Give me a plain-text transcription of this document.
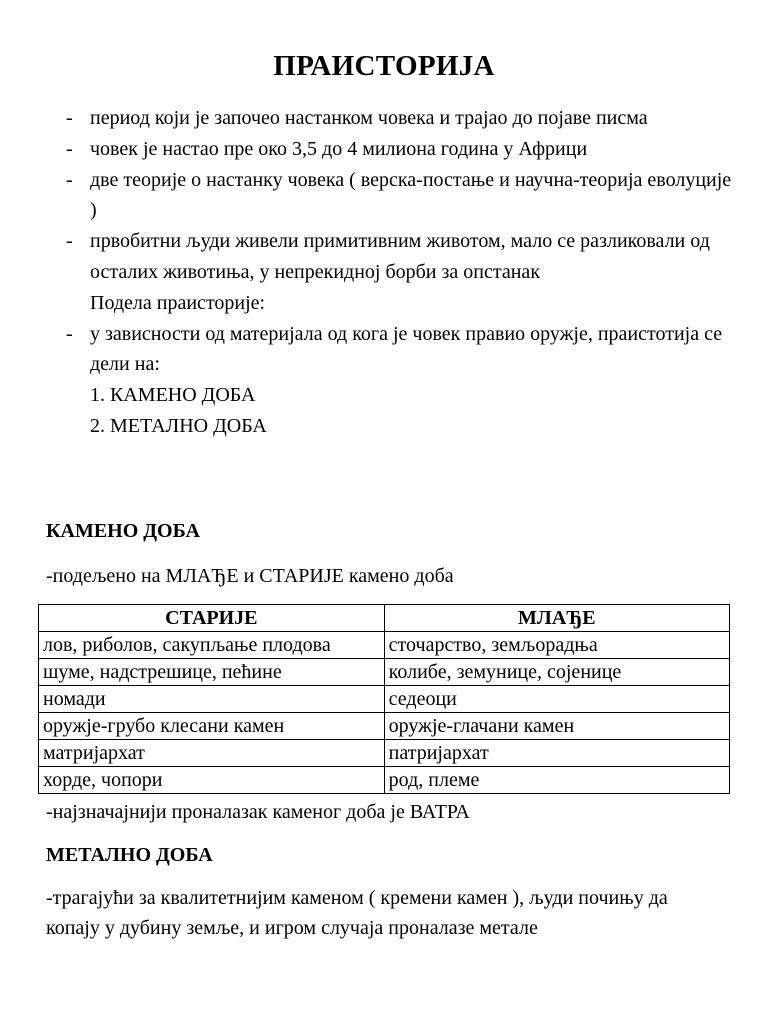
ПРАИСТОРИЈА
- период који је започео настанком човека и трајао до појаве писма
- човек је настао пре око 3,5 до 4 милиона година у Африци
- две теорије о настанку човека ( верска-постање и научна-теорија еволуције )
- првобитни људи живели примитивним животом, мало се разликовали од осталих животиња, у непрекидној борби за опстанак
Подела праисторије:
- у зависности од материјала од кога је човек правио оружје, праистотија се дели на:
1. КАМЕНО ДОБА
2. МЕТАЛНО ДОБА
КАМЕНО ДОБА

-подељено на МЛАЂЕ и СТАРИЈЕ камено доба

СТАРИЈЕ	МЛАЂЕ
лов, риболов, сакупљање плодова	сточарство, земљорадња
шуме, надстрешице, пећине	колибе, земунице, сојенице
номади	седеоци
оружје-грубо клесани камен	оружје-глачани камен
матријархат	патријархат
хорде, чопори	род, племе

-најзначајнији проналазак каменог доба је ВАТРА

МЕТАЛНО ДОБА

-трагајући за квалитетнијим каменом ( кремени камен ), људи почињу да копају у дубину земље, и игром случаја проналазе метале
